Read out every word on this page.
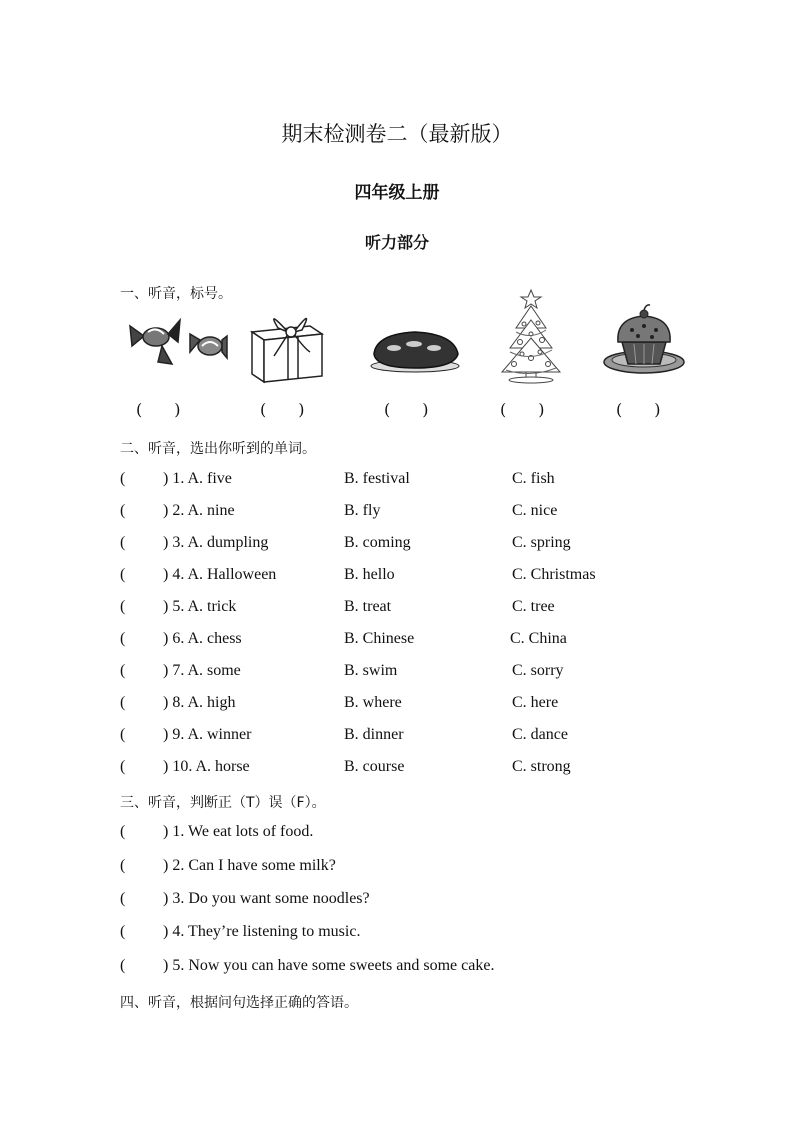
期末检测卷二（最新版）
四年级上册
听力部分
一、听音，标号。
(　　)	(　　)	(　　)	(　　)	(　　)
二、听音，选出你听到的单词。
( ) 1. A. five	B. festival	C. fish
( ) 2. A. nine	B. fly	C. nice
( ) 3. A. dumpling	B. coming	C. spring
( ) 4. A. Halloween	B. hello	C. Christmas
( ) 5. A. trick	B. treat	C. tree
( ) 6. A. chess	B. Chinese	C. China
( ) 7. A. some	B. swim	C. sorry
( ) 8. A. high	B. where	C. here
( ) 9. A. winner	B. dinner	C. dance
( ) 10. A. horse	B. course	C. strong
三、听音，判断正（T）误（F）。
( ) 1. We eat lots of food.
( ) 2. Can I have some milk?
( ) 3. Do you want some noodles?
( ) 4. They’re listening to music.
( ) 5. Now you can have some sweets and some cake.
四、听音，根据问句选择正确的答语。
